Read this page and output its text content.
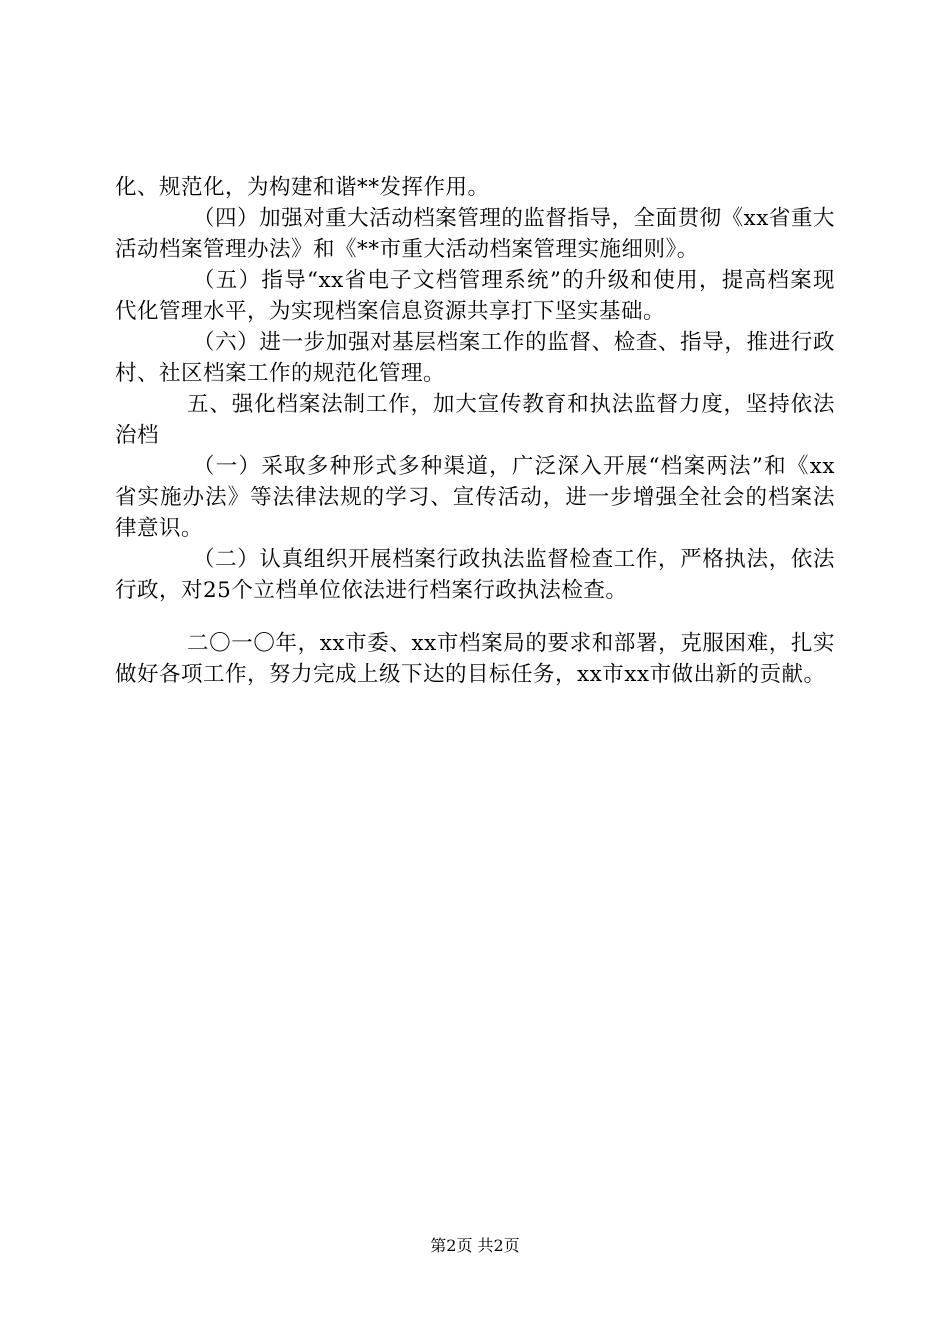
化、规范化，为构建和谐**发挥作用。

（四）加强对重大活动档案管理的监督指导，全面贯彻《xx省重大活动档案管理办法》和《**市重大活动档案管理实施细则》。

（五）指导“xx省电子文档管理系统”的升级和使用，提高档案现代化管理水平，为实现档案信息资源共享打下坚实基础。

（六）进一步加强对基层档案工作的监督、检查、指导，推进行政村、社区档案工作的规范化管理。

五、强化档案法制工作，加大宣传教育和执法监督力度，坚持依法治档

（一）采取多种形式多种渠道，广泛深入开展“档案两法”和《xx省实施办法》等法律法规的学习、宣传活动，进一步增强全社会的档案法律意识。

（二）认真组织开展档案行政执法监督检查工作，严格执法，依法行政，对25个立档单位依法进行档案行政执法检查。

二〇一〇年，xx市委、xx市档案局的要求和部署，克服困难，扎实做好各项工作，努力完成上级下达的目标任务，xx市xx市做出新的贡献。

第2页 共2页
